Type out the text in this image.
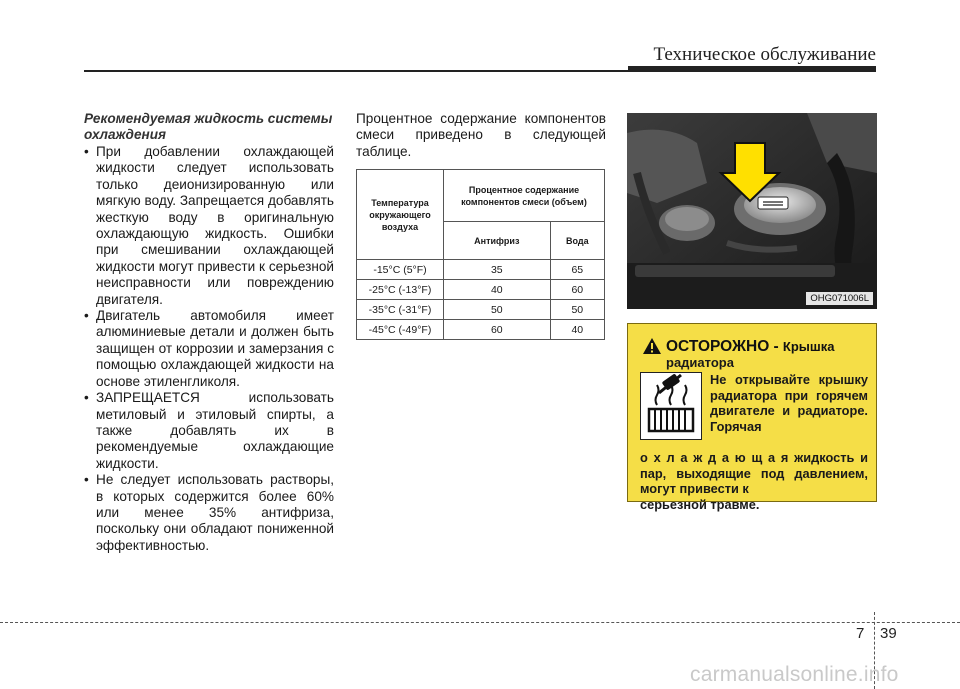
Техническое обслуживание
Рекомендуемая жидкость системы охлаждения
• При добавлении охлаждающей жидкости следует использовать только деионизированную или мягкую воду. Запрещается добавлять жесткую воду в оригинальную охлаждающую жидкость. Ошибки при смешивании охлаждающей жидкости могут привести к серьезной неисправности или повреждению двигателя.
• Двигатель автомобиля имеет алюминиевые детали и должен быть защищен от коррозии и замерзания с помощью охлаждающей жидкости на основе этиленгликоля.
• ЗАПРЕЩАЕТСЯ использовать метиловый и этиловый спирты, а также добавлять их в рекомендуемые охлаждающие жидкости.
• Не следует использовать растворы, в которых содержится более 60% или менее 35% антифриза, поскольку они обладают пониженной эффективностью.
Процентное содержание компонентов смеси приведено в следующей таблице.
Температура окружающего воздуха	Процентное содержание компонентов смеси (объем)	
	Антифриз	Вода
-15°C (5°F)	35	65
-25°C (-13°F)	40	60
-35°C (-31°F)	50	50
-45°C (-49°F)	60	40
OHG071006L
ОСТОРОЖНО - Крышка
радиатора
Не открывайте крышку радиатора при горячем двигателе и радиаторе. Горячая
о х л а ж д а ю щ а я жидкость и пар, выходящие под давлением, могут привести к
серьезной травме.
7 39
carmanualsonline.info
